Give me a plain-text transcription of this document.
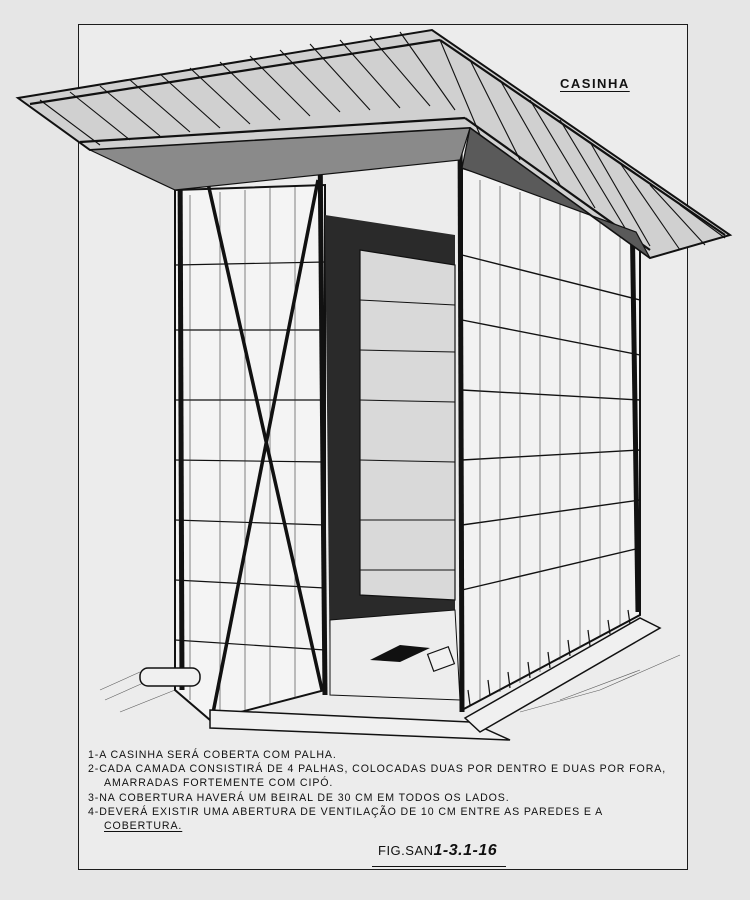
CASINHA
1-A CASINHA SERÁ COBERTA COM PALHA.
2-CADA CAMADA CONSISTIRÁ DE 4 PALHAS, COLOCADAS DUAS POR DENTRO E DUAS POR FORA,
AMARRADAS FORTEMENTE COM CIPÓ.
3-NA COBERTURA HAVERÁ UM BEIRAL DE 30 CM EM TODOS OS LADOS.
4-DEVERÁ EXISTIR UMA ABERTURA DE VENTILAÇÃO DE 10 CM ENTRE AS PAREDES E A
COBERTURA.
FIG.SAN1-3.1-16
